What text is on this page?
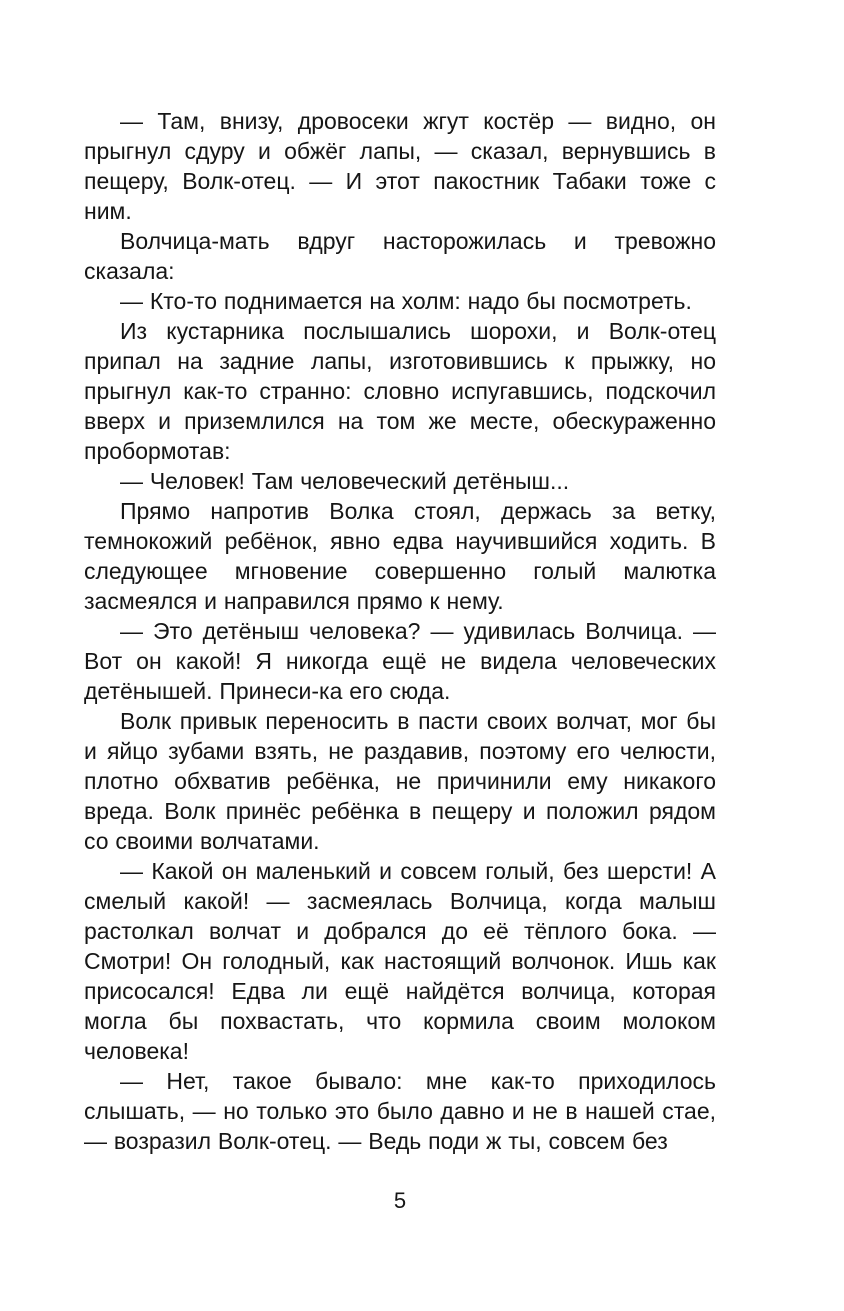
— Там, внизу, дровосеки жгут костёр — видно, он прыгнул сдуру и обжёг лапы, — сказал, вернувшись в пещеру, Волк-отец. — И этот пакостник Табаки тоже с ним.

Волчица-мать вдруг насторожилась и тревожно сказала:

— Кто-то поднимается на холм: надо бы посмотреть.

Из кустарника послышались шорохи, и Волк-отец припал на задние лапы, изготовившись к прыжку, но прыгнул как-то странно: словно испугавшись, подскочил вверх и приземлился на том же месте, обескураженно пробормотав:

— Человек! Там человеческий детёныш...

Прямо напротив Волка стоял, держась за ветку, темнокожий ребёнок, явно едва научившийся ходить. В следующее мгновение совершенно голый малютка засмеялся и направился прямо к нему.

— Это детёныш человека? — удивилась Волчица. — Вот он какой! Я никогда ещё не видела человеческих детёнышей. Принеси-ка его сюда.

Волк привык переносить в пасти своих волчат, мог бы и яйцо зубами взять, не раздавив, поэтому его челюсти, плотно обхватив ребёнка, не причинили ему никакого вреда. Волк принёс ребёнка в пещеру и положил рядом со своими волчатами.

— Какой он маленький и совсем голый, без шерсти! А смелый какой! — засмеялась Волчица, когда малыш растолкал волчат и добрался до её тёплого бока. — Смотри! Он голодный, как настоящий волчонок. Ишь как присосался! Едва ли ещё найдётся волчица, которая могла бы похвастать, что кормила своим молоком человека!

— Нет, такое бывало: мне как-то приходилось слышать, — но только это было давно и не в нашей стае, — возразил Волк-отец. — Ведь поди ж ты, совсем без

5
